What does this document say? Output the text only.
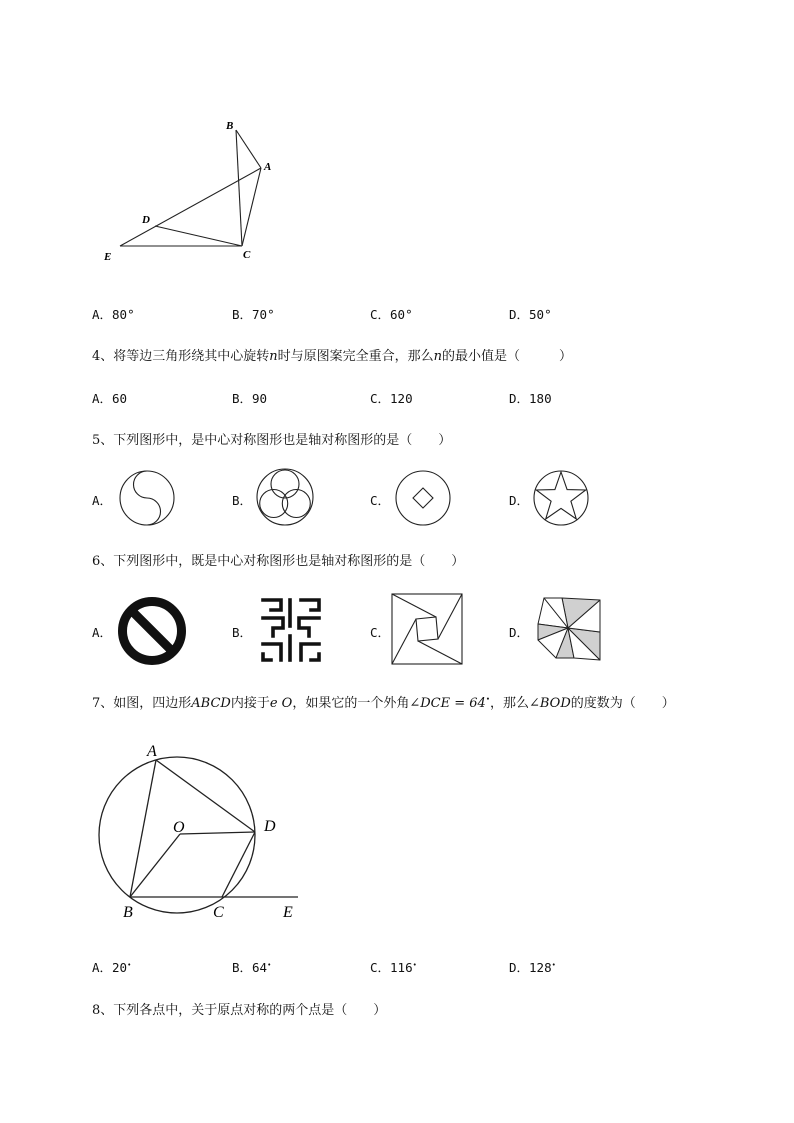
B
A
D
E	C
A．80°	B．70°	C．60°	D．50°
4、将等边三角形绕其中心旋转n时与原图案完全重合，那么n的最小值是（　　　）
A．60	B．90	C．120	D．180
5、下列图形中，是中心对称图形也是轴对称图形的是（　　）
A．	B．	C．	D．
6、下列图形中，既是中心对称图形也是轴对称图形的是（　　）
A．	B．	C．	D．
7、如图，四边形ABCD内接于e O，如果它的一个外角∠DCE = 64•，那么∠BOD的度数为（　　）
A
O	D
B	C	E
A．20•	B．64•	C．116•	D．128•
8、下列各点中，关于原点对称的两个点是（　　）
